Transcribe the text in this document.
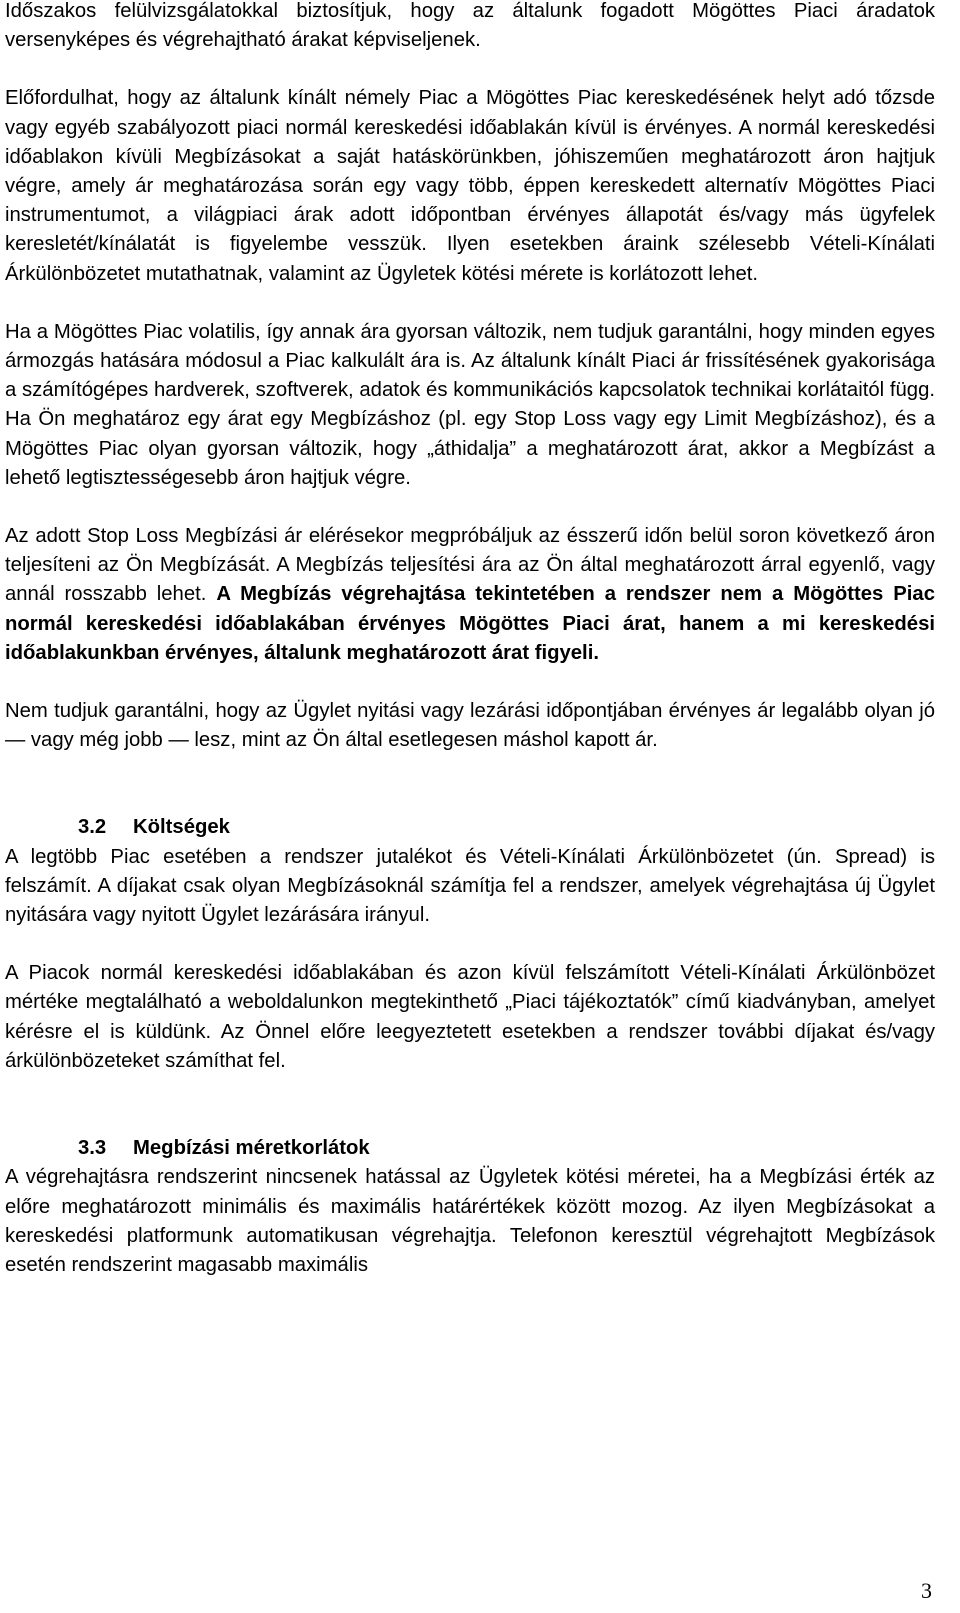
Időszakos felülvizsgálatokkal biztosítjuk, hogy az általunk fogadott Mögöttes Piaci áradatok versenyképes és végrehajtható árakat képviseljenek.

Előfordulhat, hogy az általunk kínált némely Piac a Mögöttes Piac kereskedésének helyt adó tőzsde vagy egyéb szabályozott piaci normál kereskedési időablakán kívül is érvényes. A normál kereskedési időablakon kívüli Megbízásokat a saját hatáskörünkben, jóhiszeműen meghatározott áron hajtjuk végre, amely ár meghatározása során egy vagy több, éppen kereskedett alternatív Mögöttes Piaci instrumentumot, a világpiaci árak adott időpontban érvényes állapotát és/vagy más ügyfelek keresletét/kínálatát is figyelembe vesszük. Ilyen esetekben áraink szélesebb Vételi-Kínálati Árkülönbözetet mutathatnak, valamint az Ügyletek kötési mérete is korlátozott lehet.

Ha a Mögöttes Piac volatilis, így annak ára gyorsan változik, nem tudjuk garantálni, hogy minden egyes ármozgás hatására módosul a Piac kalkulált ára is. Az általunk kínált Piaci ár frissítésének gyakorisága a számítógépes hardverek, szoftverek, adatok és kommunikációs kapcsolatok technikai korlátaitól függ. Ha Ön meghatároz egy árat egy Megbízáshoz (pl. egy Stop Loss vagy egy Limit Megbízáshoz), és a Mögöttes Piac olyan gyorsan változik, hogy „áthidalja” a meghatározott árat, akkor a Megbízást a lehető legtisztességesebb áron hajtjuk végre.

Az adott Stop Loss Megbízási ár elérésekor megpróbáljuk az ésszerű időn belül soron következő áron teljesíteni az Ön Megbízását. A Megbízás teljesítési ára az Ön által meghatározott árral egyenlő, vagy annál rosszabb lehet. A Megbízás végrehajtása tekintetében a rendszer nem a Mögöttes Piac normál kereskedési időablakában érvényes Mögöttes Piaci árat, hanem a mi kereskedési időablakunkban érvényes, általunk meghatározott árat figyeli.

Nem tudjuk garantálni, hogy az Ügylet nyitási vagy lezárási időpontjában érvényes ár legalább olyan jó — vagy még jobb — lesz, mint az Ön által esetlegesen máshol kapott ár.

3.2 Költségek

A legtöbb Piac esetében a rendszer jutalékot és Vételi-Kínálati Árkülönbözetet (ún. Spread) is felszámít. A díjakat csak olyan Megbízásoknál számítja fel a rendszer, amelyek végrehajtása új Ügylet nyitására vagy nyitott Ügylet lezárására irányul.

A Piacok normál kereskedési időablakában és azon kívül felszámított Vételi-Kínálati Árkülönbözet mértéke megtalálható a weboldalunkon megtekinthető „Piaci tájékoztatók” című kiadványban, amelyet kérésre el is küldünk. Az Önnel előre leegyeztetett esetekben a rendszer további díjakat és/vagy árkülönbözeteket számíthat fel.

3.3 Megbízási méretkorlátok

A végrehajtásra rendszerint nincsenek hatással az Ügyletek kötési méretei, ha a Megbízási érték az előre meghatározott minimális és maximális határértékek között mozog. Az ilyen Megbízásokat a kereskedési platformunk automatikusan végrehajtja. Telefonon keresztül végrehajtott Megbízások esetén rendszerint magasabb maximális

3
